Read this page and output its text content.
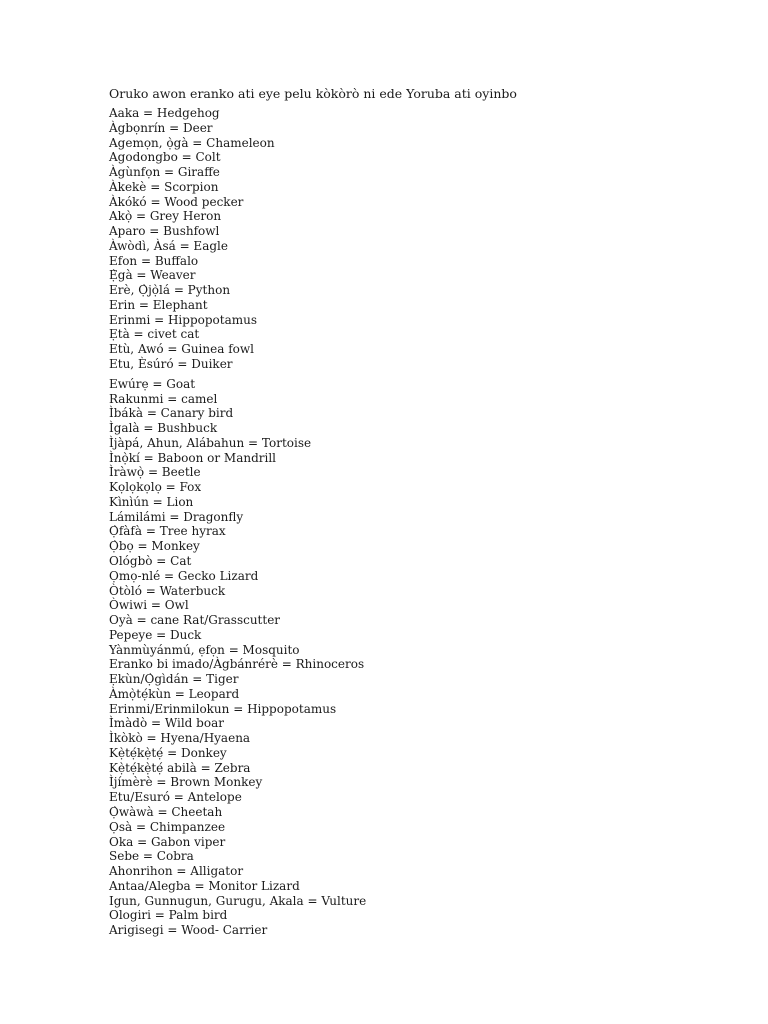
Oruko awon eranko ati eye pelu kòkòrò ni ede Yoruba ati oyinbo
Aaka = Hedgehog
Àgbọnrín = Deer
Agemọn, ọ̀gà = Chameleon
Agodongbo = Colt
Àgùnfọn = Giraffe
Àkekè = Scorpion
Àkókó = Wood pecker
Akọ̀ = Grey Heron
Aparo = Bushfowl
Àwòdì, Àsá = Eagle
Efon = Buffalo
Ẹ̀gà = Weaver
Erè, Ọ̀jọ̀lá = Python
Erin = Elephant
Erinmi = Hippopotamus
Ẹtà = civet cat
Etù, Awó = Guinea fowl
Etu, Èsúró = Duiker
Ewúrẹ = Goat
Rakunmi = camel
Ìbákà = Canary bird
Ìgalà = Bushbuck
Ìjàpá, Ahun, Alábahun = Tortoise
Ìnọ̀kí = Baboon or Mandrill
Ìràwọ̀ = Beetle
Kọlọkọlọ = Fox
Kìnìún = Lion
Lámilámi = Dragonfly
Ọ̀fàfà = Tree hyrax
Ọ̀bọ = Monkey
Ológbò = Cat
Ọmọ-nlé = Gecko Lizard
Òtòló = Waterbuck
Òwiwi = Owl
Oyà = cane Rat/Grasscutter
Pepeye = Duck
Yànmùyánmú, ẹfọn = Mosquito
Eranko bi imado/Àgbánrérè = Rhinoceros
Ẹkùn/Ọ̀gìdán = Tiger
Àmọ̀tẹ́kùn = Leopard
Erinmi/Erinmilokun = Hippopotamus
Ìmàdò = Wild boar
Ìkòkò = Hyena/Hyaena
Kẹ̀tẹ́kẹ̀tẹ́ = Donkey
Kẹ̀tẹ́kẹ̀tẹ́ abilà = Zebra
Ìjímèrè = Brown Monkey
Etu/Esuró = Antelope
Ọ̀wàwà = Cheetah
Ọsà = Chimpanzee
Oka = Gabon viper
Sebe = Cobra
Ahonrihon = Alligator
Antaa/Alegba = Monitor Lizard
Igun, Gunnugun, Gurugu, Akala = Vulture
Ologiri = Palm bird
Arigisegi = Wood- Carrier
